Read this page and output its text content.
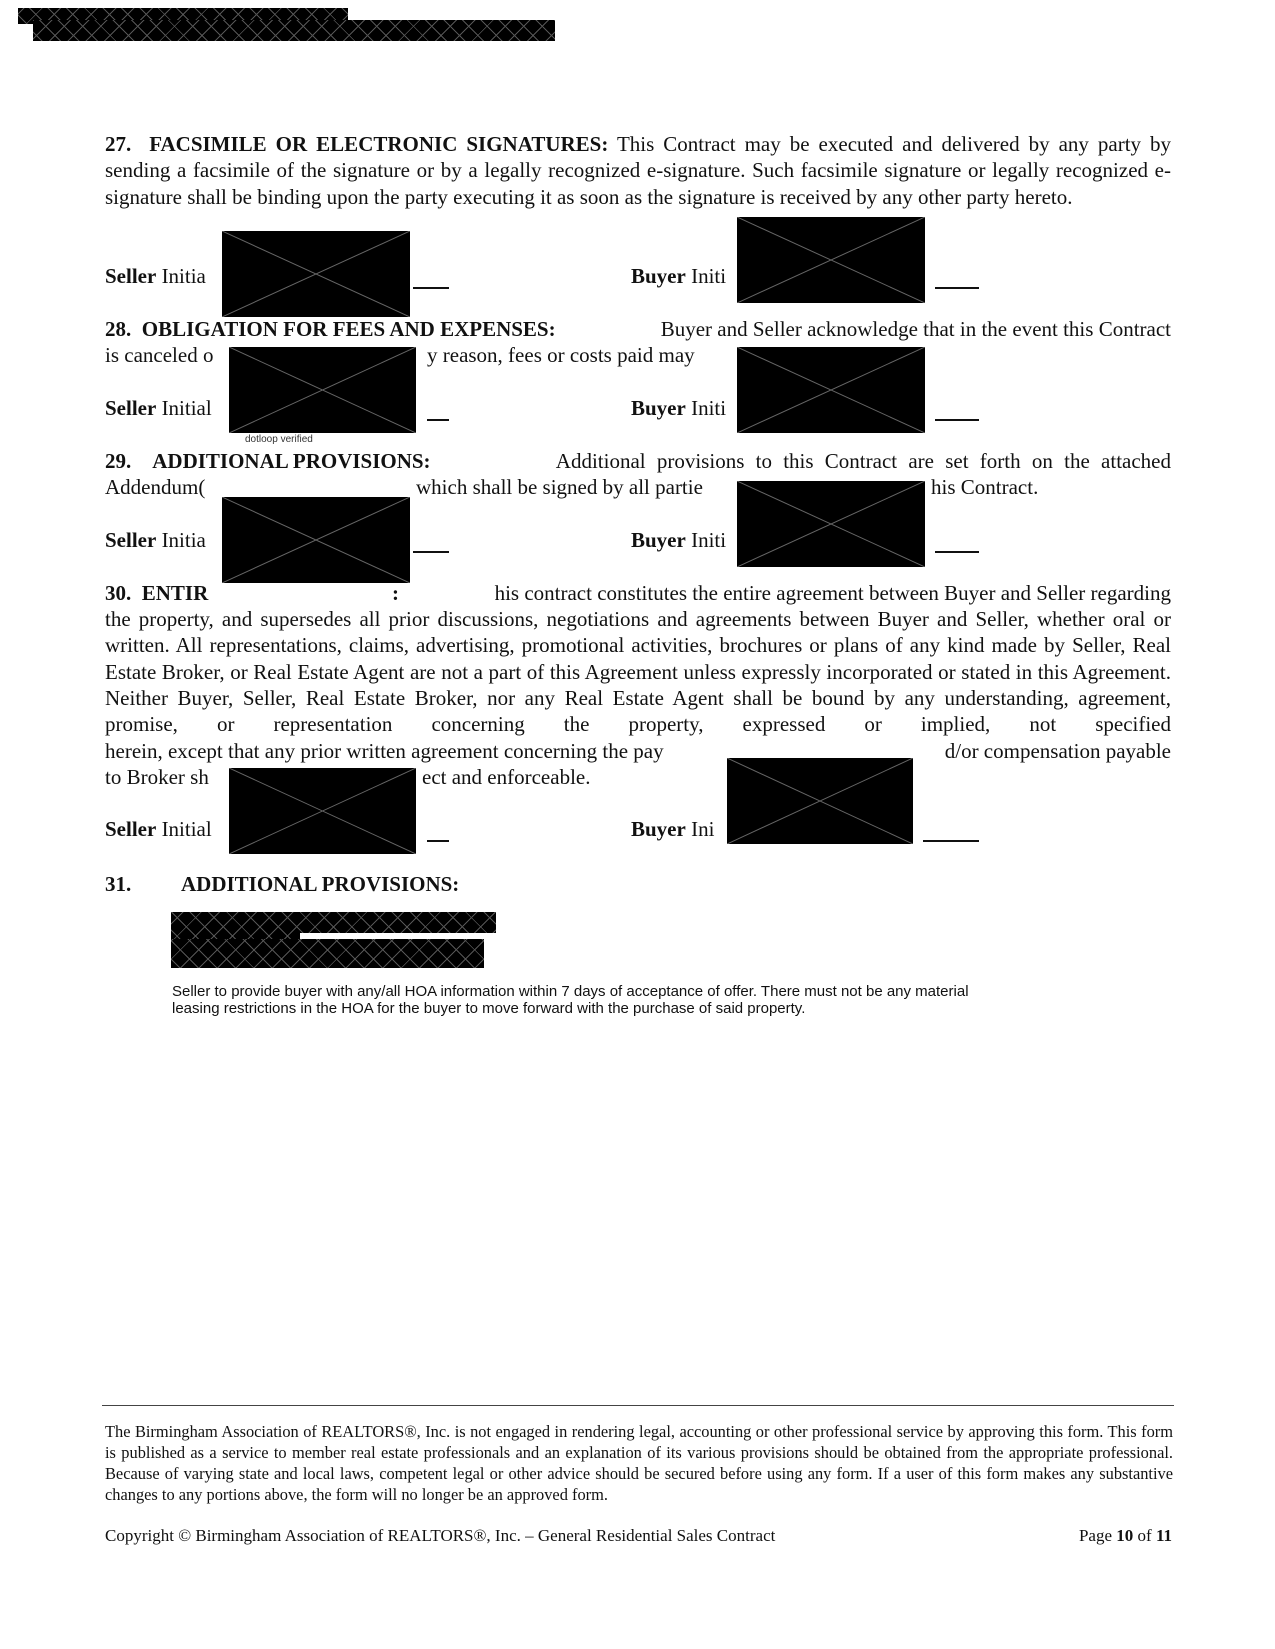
27. FACSIMILE OR ELECTRONIC SIGNATURES: This Contract may be executed and delivered by any party by sending a facsimile of the signature or by a legally recognized e-signature. Such facsimile signature or legally recognized e-signature shall be binding upon the party executing it as soon as the signature is received by any other party hereto.

Seller Initia	Buyer Initi
28. OBLIGATION FOR FEES AND EXPENSES:	Buyer and Seller acknowledge that in the event this Contract
is canceled o	y reason, fees or costs paid may
Seller Initial	Buyer Initi
dotloop verified
29. ADDITIONAL PROVISIONS:	Additional provisions to this Contract are set forth on the attached
Addendum(	which shall be signed by all partie	his Contract.
Seller Initia	Buyer Initi
30. ENTIR	:	his contract constitutes the entire agreement between Buyer and Seller regarding

the property, and supersedes all prior discussions, negotiations and agreements between Buyer and Seller, whether oral or written. All representations, claims, advertising, promotional activities, brochures or plans of any kind made by Seller, Real Estate Broker, or Real Estate Agent are not a part of this Agreement unless expressly incorporated or stated in this Agreement. Neither Buyer, Seller, Real Estate Broker, nor any Real Estate Agent shall be bound by any understanding, agreement, promise, or representation concerning the property, expressed or implied, not specified

herein, except that any prior written agreement concerning the pay	d/or compensation payable
to Broker sh	ect and enforceable.
Seller Initial	Buyer Ini
31. ADDITIONAL PROVISIONS:
Seller to provide buyer with any/all HOA information within 7 days of acceptance of offer. There must not be any material leasing restrictions in the HOA for the buyer to move forward with the purchase of said property.
The Birmingham Association of REALTORS®, Inc. is not engaged in rendering legal, accounting or other professional service by approving this form. This form is published as a service to member real estate professionals and an explanation of its various provisions should be obtained from the appropriate professional. Because of varying state and local laws, competent legal or other advice should be secured before using any form. If a user of this form makes any substantive changes to any portions above, the form will no longer be an approved form.
Copyright © Birmingham Association of REALTORS®, Inc. – General Residential Sales Contract	Page 10 of 11
